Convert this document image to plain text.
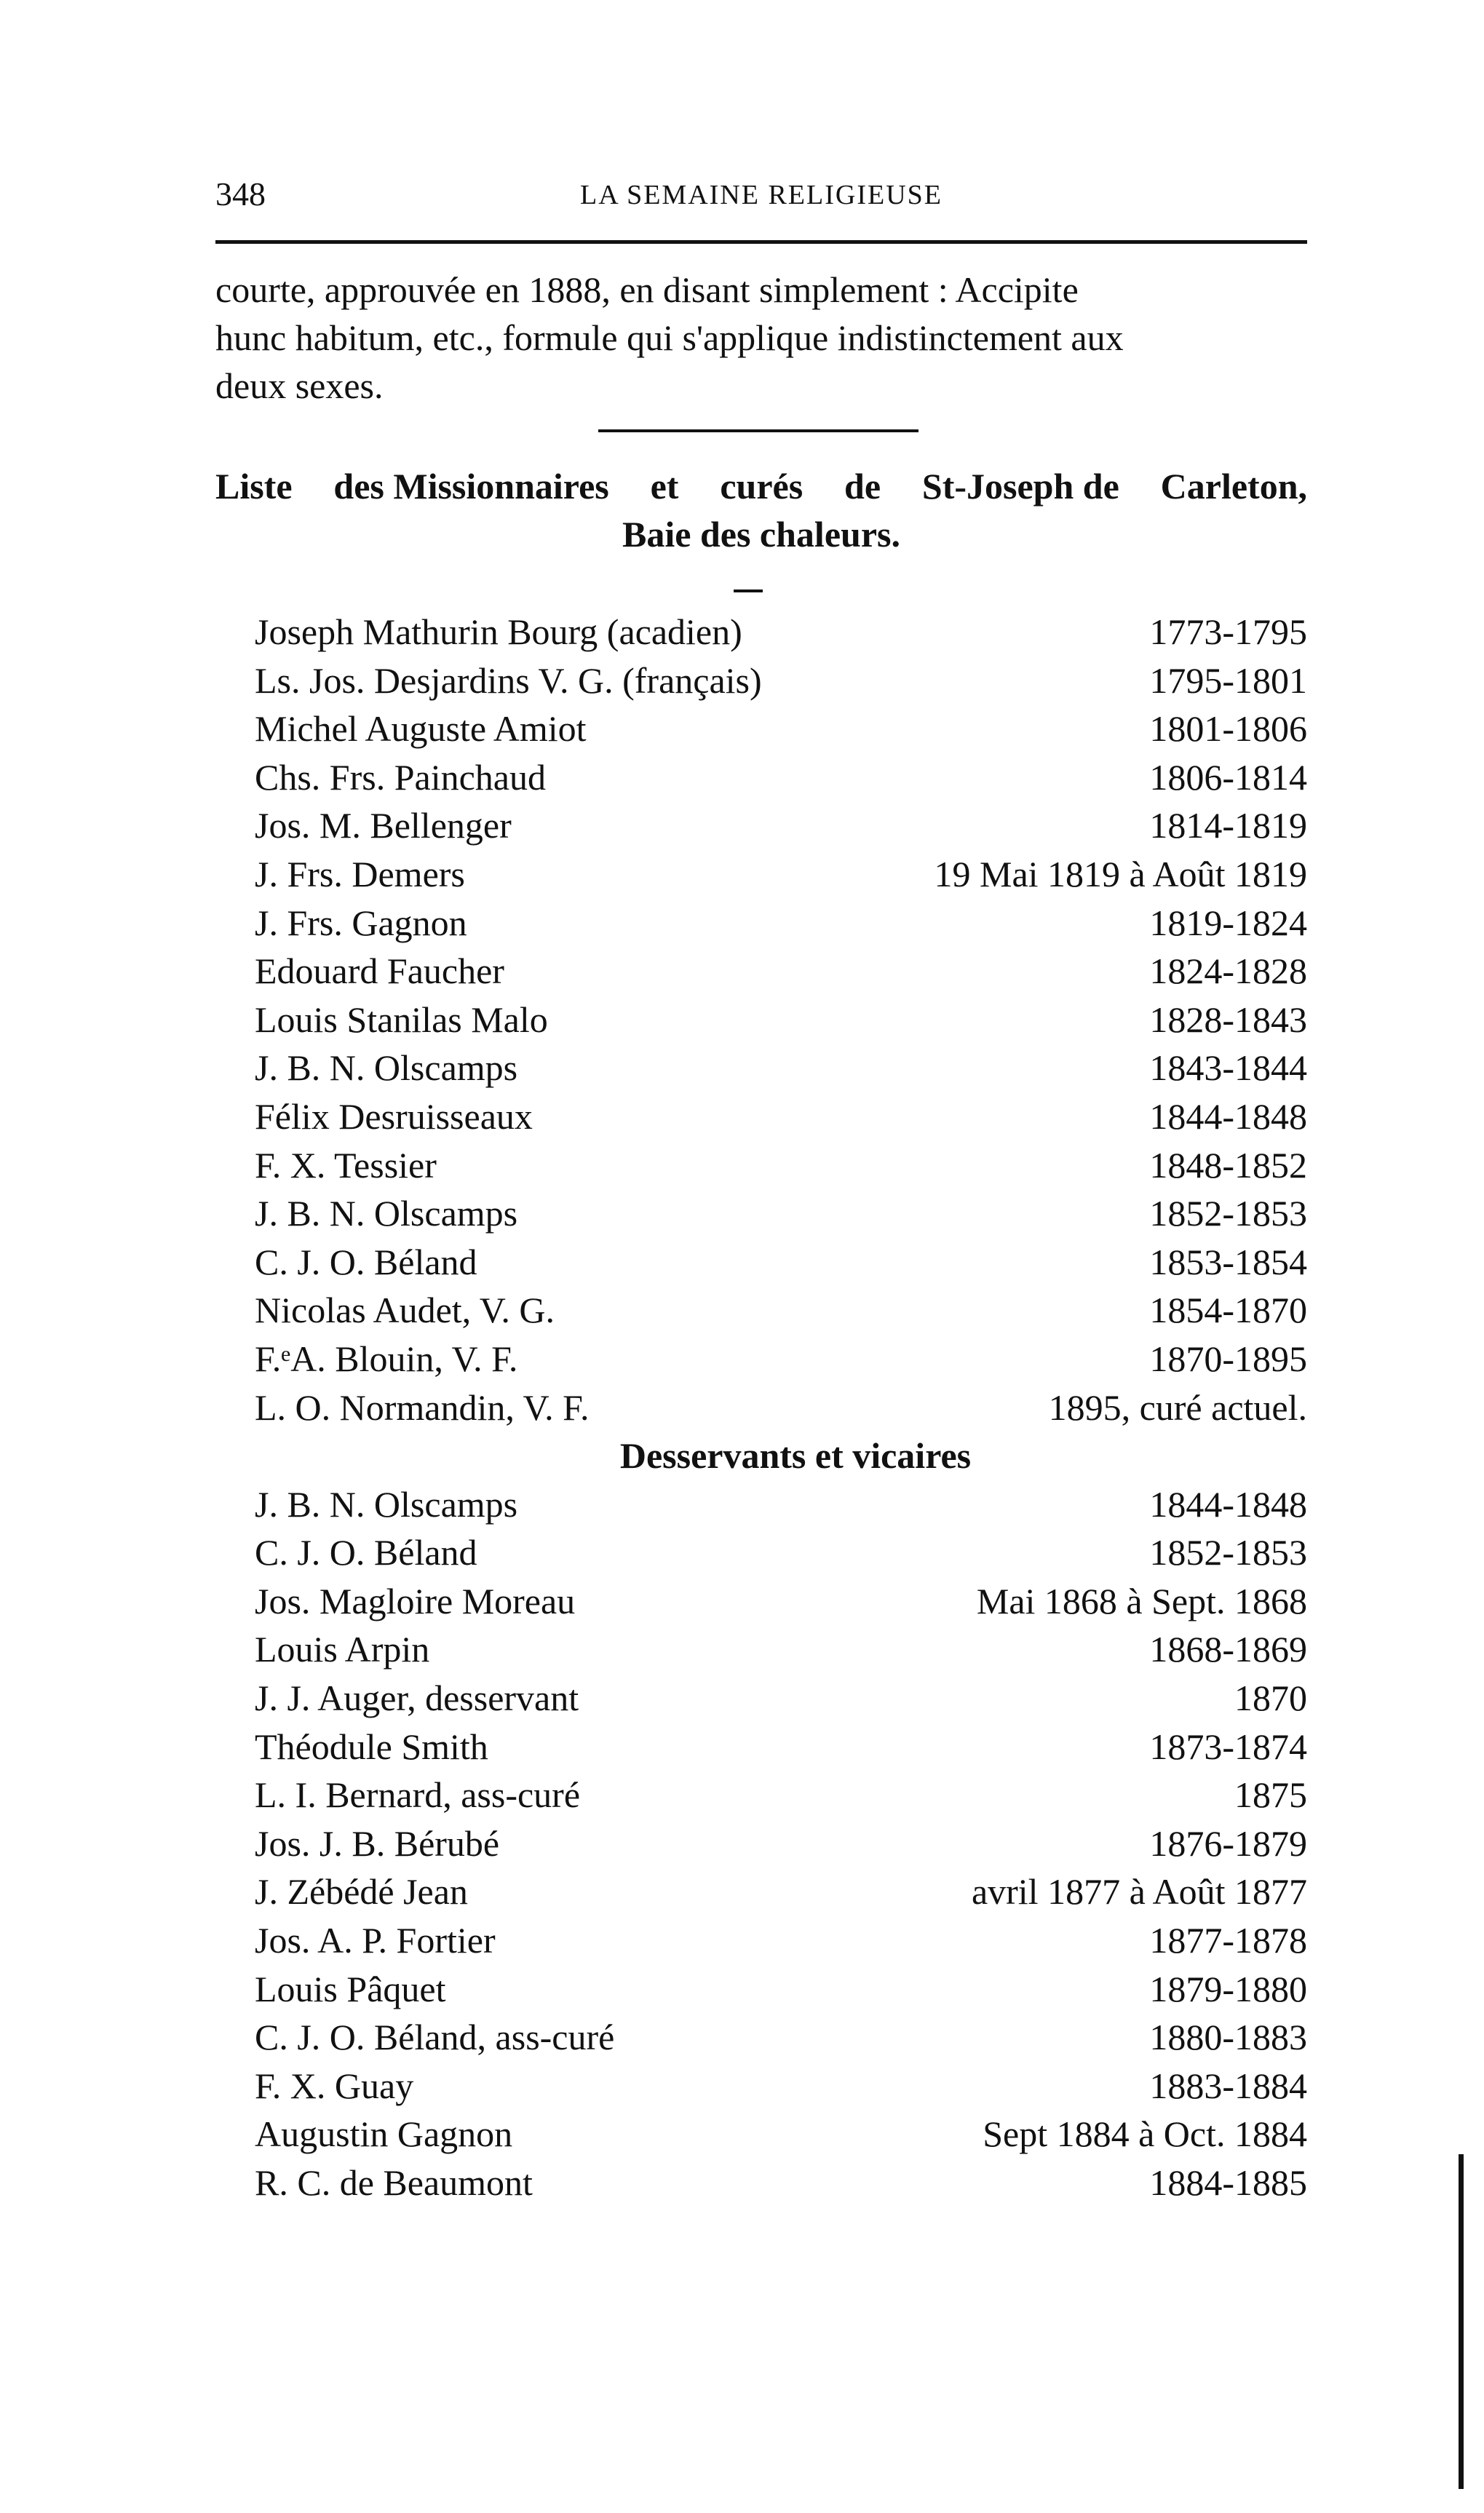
348	LA SEMAINE RELIGIEUSE

courte, approuvée en 1888, en disant simplement : Accipite

hunc habitum, etc., formule qui s'applique indistinctement aux

deux sexes.

Liste des Missionnaires et curés de St-Joseph de Carleton,
Baie des chaleurs.
Joseph Mathurin Bourg (acadien)	1773-1795
Ls. Jos. Desjardins V. G. (français)	1795-1801
Michel Auguste Amiot	1801-1806
Chs. Frs. Painchaud	1806-1814
Jos. M. Bellenger	1814-1819
J. Frs. Demers	19 Mai 1819 à Août 1819
J. Frs. Gagnon	1819-1824
Edouard Faucher	1824-1828
Louis Stanilas Malo	1828-1843
J. B. N. Olscamps	1843-1844
Félix Desruisseaux	1844-1848
F. X. Tessier	1848-1852
J. B. N. Olscamps	1852-1853
C. J. O. Béland	1853-1854
Nicolas Audet, V. G.	1854-1870
F.ᵉA. Blouin, V. F.	1870-1895
L. O. Normandin, V. F.	1895, curé actuel.
Desservants et vicaires
J. B. N. Olscamps	1844-1848
C. J. O. Béland	1852-1853
Jos. Magloire Moreau	Mai 1868 à Sept. 1868
Louis Arpin	1868-1869
J. J. Auger, desservant	1870
Théodule Smith	1873-1874
L. I. Bernard, ass-curé	1875
Jos. J. B. Bérubé	1876-1879
J. Zébédé Jean	avril 1877 à Août 1877
Jos. A. P. Fortier	1877-1878
Louis Pâquet	1879-1880
C. J. O. Béland, ass-curé	1880-1883
F. X. Guay	1883-1884
Augustin Gagnon	Sept 1884 à Oct. 1884
R. C. de Beaumont	1884-1885
